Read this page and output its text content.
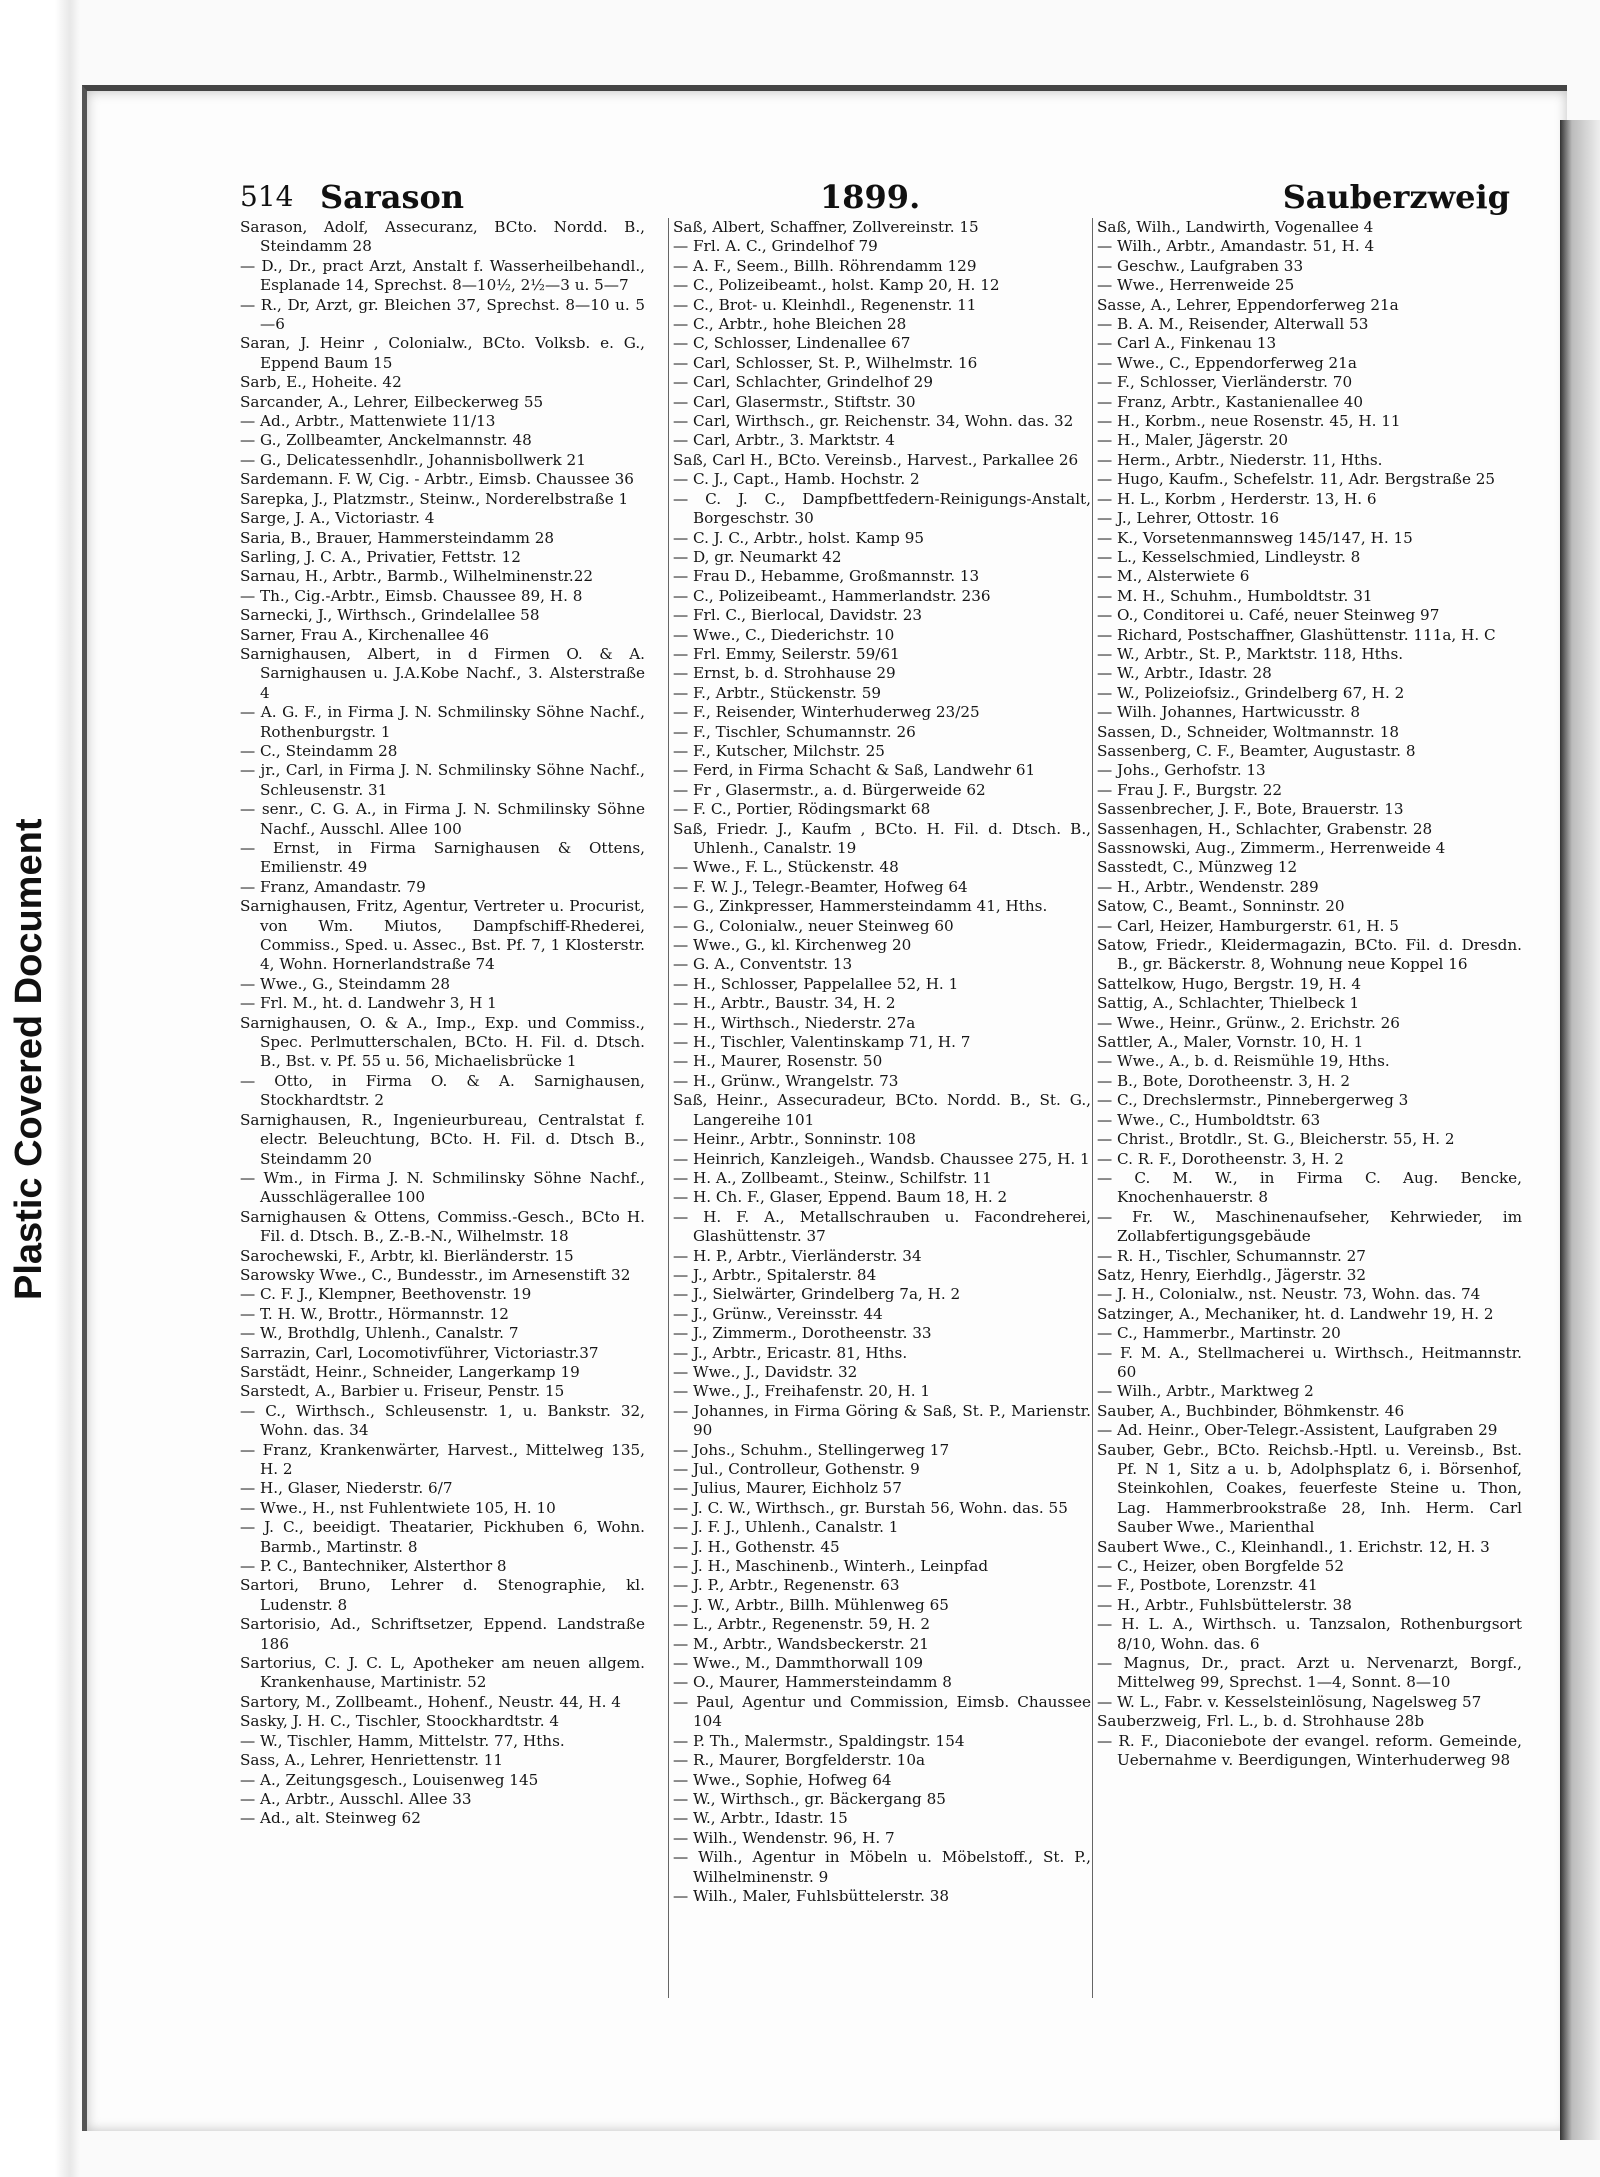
Plastic Covered Document
514 Sarason	1899.	Sauberzweig

Sarason, Adolf, Assecuranz, BCto. Nordd. B., Steindamm 28

— D., Dr., pract Arzt, Anstalt f. Wasserheilbehandl., Esplanade 14, Sprechst. 8—10½, 2½—3 u. 5—7

— R., Dr, Arzt, gr. Bleichen 37, Sprechst. 8—10 u. 5—6

Saran, J. Heinr , Colonialw., BCto. Volksb. e. G., Eppend Baum 15

Sarb, E., Hoheite. 42

Sarcander, A., Lehrer, Eilbeckerweg 55

— Ad., Arbtr., Mattenwiete 11/13

— G., Zollbeamter, Anckelmannstr. 48

— G., Delicatessenhdlr., Johannisbollwerk 21

Sardemann. F. W, Cig. - Arbtr., Eimsb. Chaussee 36

Sarepka, J., Platzmstr., Steinw., Norderelbstraße 1

Sarge, J. A., Victoriastr. 4

Saria, B., Brauer, Hammersteindamm 28

Sarling, J. C. A., Privatier, Fettstr. 12

Sarnau, H., Arbtr., Barmb., Wilhelminenstr.22

— Th., Cig.-Arbtr., Eimsb. Chaussee 89, H. 8

Sarnecki, J., Wirthsch., Grindelallee 58

Sarner, Frau A., Kirchenallee 46

Sarnighausen, Albert, in d Firmen O. & A. Sarnighausen u. J.A.Kobe Nachf., 3. Alsterstraße 4

— A. G. F., in Firma J. N. Schmilinsky Söhne Nachf., Rothenburgstr. 1

— C., Steindamm 28

— jr., Carl, in Firma J. N. Schmilinsky Söhne Nachf., Schleusenstr. 31

— senr., C. G. A., in Firma J. N. Schmilinsky Söhne Nachf., Ausschl. Allee 100

— Ernst, in Firma Sarnighausen & Ottens, Emilienstr. 49

— Franz, Amandastr. 79

Sarnighausen, Fritz, Agentur, Vertreter u. Procurist, von Wm. Miutos, Dampfschiff-Rhederei, Commiss., Sped. u. Assec., Bst. Pf. 7, 1 Klosterstr. 4, Wohn. Hornerlandstraße 74

— Wwe., G., Steindamm 28

— Frl. M., ht. d. Landwehr 3, H 1

Sarnighausen, O. & A., Imp., Exp. und Commiss., Spec. Perlmutterschalen, BCto. H. Fil. d. Dtsch. B., Bst. v. Pf. 55 u. 56, Michaelisbrücke 1

— Otto, in Firma O. & A. Sarnighausen, Stockhardtstr. 2

Sarnighausen, R., Ingenieurbureau, Centralstat f. electr. Beleuchtung, BCto. H. Fil. d. Dtsch B., Steindamm 20

— Wm., in Firma J. N. Schmilinsky Söhne Nachf., Ausschlägerallee 100

Sarnighausen & Ottens, Commiss.-Gesch., BCto H. Fil. d. Dtsch. B., Z.-B.-N., Wilhelmstr. 18

Sarochewski, F., Arbtr, kl. Bierländerstr. 15

Sarowsky Wwe., C., Bundesstr., im Arnesenstift 32

— C. F. J., Klempner, Beethovenstr. 19

— T. H. W., Brottr., Hörmannstr. 12

— W., Brothdlg, Uhlenh., Canalstr. 7

Sarrazin, Carl, Locomotivführer, Victoriastr.37

Sarstädt, Heinr., Schneider, Langerkamp 19

Sarstedt, A., Barbier u. Friseur, Penstr. 15

— C., Wirthsch., Schleusenstr. 1, u. Bankstr. 32, Wohn. das. 34

— Franz, Krankenwärter, Harvest., Mittelweg 135, H. 2

— H., Glaser, Niederstr. 6/7

— Wwe., H., nst Fuhlentwiete 105, H. 10

— J. C., beeidigt. Theatarier, Pickhuben 6, Wohn. Barmb., Martinstr. 8

— P. C., Bantechniker, Alsterthor 8

Sartori, Bruno, Lehrer d. Stenographie, kl. Ludenstr. 8

Sartorisio, Ad., Schriftsetzer, Eppend. Landstraße 186

Sartorius, C. J. C. L, Apotheker am neuen allgem. Krankenhause, Martinistr. 52

Sartory, M., Zollbeamt., Hohenf., Neustr. 44, H. 4

Sasky, J. H. C., Tischler, Stoockhardtstr. 4

— W., Tischler, Hamm, Mittelstr. 77, Hths.

Sass, A., Lehrer, Henriettenstr. 11

— A., Zeitungsgesch., Louisenweg 145

— A., Arbtr., Ausschl. Allee 33

— Ad., alt. Steinweg 62

Saß, Albert, Schaffner, Zollvereinstr. 15

— Frl. A. C., Grindelhof 79

— A. F., Seem., Billh. Röhrendamm 129

— C., Polizeibeamt., holst. Kamp 20, H. 12

— C., Brot- u. Kleinhdl., Regenenstr. 11

— C., Arbtr., hohe Bleichen 28

— C, Schlosser, Lindenallee 67

— Carl, Schlosser, St. P., Wilhelmstr. 16

— Carl, Schlachter, Grindelhof 29

— Carl, Glasermstr., Stiftstr. 30

— Carl, Wirthsch., gr. Reichenstr. 34, Wohn. das. 32

— Carl, Arbtr., 3. Marktstr. 4

Saß, Carl H., BCto. Vereinsb., Harvest., Parkallee 26

— C. J., Capt., Hamb. Hochstr. 2

— C. J. C., Dampfbettfedern-Reinigungs-Anstalt, Borgeschstr. 30

— C. J. C., Arbtr., holst. Kamp 95

— D, gr. Neumarkt 42

— Frau D., Hebamme, Großmannstr. 13

— C., Polizeibeamt., Hammerlandstr. 236

— Frl. C., Bierlocal, Davidstr. 23

— Wwe., C., Diederichstr. 10

— Frl. Emmy, Seilerstr. 59/61

— Ernst, b. d. Strohhause 29

— F., Arbtr., Stückenstr. 59

— F., Reisender, Winterhuderweg 23/25

— F., Tischler, Schumannstr. 26

— F., Kutscher, Milchstr. 25

— Ferd, in Firma Schacht & Saß, Landwehr 61

— Fr , Glasermstr., a. d. Bürgerweide 62

— F. C., Portier, Rödingsmarkt 68

Saß, Friedr. J., Kaufm , BCto. H. Fil. d. Dtsch. B., Uhlenh., Canalstr. 19

— Wwe., F. L., Stückenstr. 48

— F. W. J., Telegr.-Beamter, Hofweg 64

— G., Zinkpresser, Hammersteindamm 41, Hths.

— G., Colonialw., neuer Steinweg 60

— Wwe., G., kl. Kirchenweg 20

— G. A., Conventstr. 13

— H., Schlosser, Pappelallee 52, H. 1

— H., Arbtr., Baustr. 34, H. 2

— H., Wirthsch., Niederstr. 27a

— H., Tischler, Valentinskamp 71, H. 7

— H., Maurer, Rosenstr. 50

— H., Grünw., Wrangelstr. 73

Saß, Heinr., Assecuradeur, BCto. Nordd. B., St. G., Langereihe 101

— Heinr., Arbtr., Sonninstr. 108

— Heinrich, Kanzleigeh., Wandsb. Chaussee 275, H. 1

— H. A., Zollbeamt., Steinw., Schilfstr. 11

— H. Ch. F., Glaser, Eppend. Baum 18, H. 2

— H. F. A., Metallschrauben u. Facondreherei, Glashüttenstr. 37

— H. P., Arbtr., Vierländerstr. 34

— J., Arbtr., Spitalerstr. 84

— J., Sielwärter, Grindelberg 7a, H. 2

— J., Grünw., Vereinsstr. 44

— J., Zimmerm., Dorotheenstr. 33

— J., Arbtr., Ericastr. 81, Hths.

— Wwe., J., Davidstr. 32

— Wwe., J., Freihafenstr. 20, H. 1

— Johannes, in Firma Göring & Saß, St. P., Marienstr. 90

— Johs., Schuhm., Stellingerweg 17

— Jul., Controlleur, Gothenstr. 9

— Julius, Maurer, Eichholz 57

— J. C. W., Wirthsch., gr. Burstah 56, Wohn. das. 55

— J. F. J., Uhlenh., Canalstr. 1

— J. H., Gothenstr. 45

— J. H., Maschinenb., Winterh., Leinpfad

— J. P., Arbtr., Regenenstr. 63

— J. W., Arbtr., Billh. Mühlenweg 65

— L., Arbtr., Regenenstr. 59, H. 2

— M., Arbtr., Wandsbeckerstr. 21

— Wwe., M., Dammthorwall 109

— O., Maurer, Hammersteindamm 8

— Paul, Agentur und Commission, Eimsb. Chaussee 104

— P. Th., Malermstr., Spaldingstr. 154

— R., Maurer, Borgfelderstr. 10a

— Wwe., Sophie, Hofweg 64

— W., Wirthsch., gr. Bäckergang 85

— W., Arbtr., Idastr. 15

— Wilh., Wendenstr. 96, H. 7

— Wilh., Agentur in Möbeln u. Möbelstoff., St. P., Wilhelminenstr. 9

— Wilh., Maler, Fuhlsbüttelerstr. 38

Saß, Wilh., Landwirth, Vogenallee 4

— Wilh., Arbtr., Amandastr. 51, H. 4

— Geschw., Laufgraben 33

— Wwe., Herrenweide 25

Sasse, A., Lehrer, Eppendorferweg 21a

— B. A. M., Reisender, Alterwall 53

— Carl A., Finkenau 13

— Wwe., C., Eppendorferweg 21a

— F., Schlosser, Vierländerstr. 70

— Franz, Arbtr., Kastanienallee 40

— H., Korbm., neue Rosenstr. 45, H. 11

— H., Maler, Jägerstr. 20

— Herm., Arbtr., Niederstr. 11, Hths.

— Hugo, Kaufm., Schefelstr. 11, Adr. Bergstraße 25

— H. L., Korbm , Herderstr. 13, H. 6

— J., Lehrer, Ottostr. 16

— K., Vorsetenmannsweg 145/147, H. 15

— L., Kesselschmied, Lindleystr. 8

— M., Alsterwiete 6

— M. H., Schuhm., Humboldtstr. 31

— O., Conditorei u. Café, neuer Steinweg 97

— Richard, Postschaffner, Glashüttenstr. 111a, H. C

— W., Arbtr., St. P., Marktstr. 118, Hths.

— W., Arbtr., Idastr. 28

— W., Polizeiofsiz., Grindelberg 67, H. 2

— Wilh. Johannes, Hartwicusstr. 8

Sassen, D., Schneider, Woltmannstr. 18

Sassenberg, C. F., Beamter, Augustastr. 8

— Johs., Gerhofstr. 13

— Frau J. F., Burgstr. 22

Sassenbrecher, J. F., Bote, Brauerstr. 13

Sassenhagen, H., Schlachter, Grabenstr. 28

Sassnowski, Aug., Zimmerm., Herrenweide 4

Sasstedt, C., Münzweg 12

— H., Arbtr., Wendenstr. 289

Satow, C., Beamt., Sonninstr. 20

— Carl, Heizer, Hamburgerstr. 61, H. 5

Satow, Friedr., Kleidermagazin, BCto. Fil. d. Dresdn. B., gr. Bäckerstr. 8, Wohnung neue Koppel 16

Sattelkow, Hugo, Bergstr. 19, H. 4

Sattig, A., Schlachter, Thielbeck 1

— Wwe., Heinr., Grünw., 2. Erichstr. 26

Sattler, A., Maler, Vornstr. 10, H. 1

— Wwe., A., b. d. Reismühle 19, Hths.

— B., Bote, Dorotheenstr. 3, H. 2

— C., Drechslermstr., Pinnebergerweg 3

— Wwe., C., Humboldtstr. 63

— Christ., Brotdlr., St. G., Bleicherstr. 55, H. 2

— C. R. F., Dorotheenstr. 3, H. 2

— C. M. W., in Firma C. Aug. Bencke, Knochenhauerstr. 8

— Fr. W., Maschinenaufseher, Kehrwieder, im Zollabfertigungsgebäude

— R. H., Tischler, Schumannstr. 27

Satz, Henry, Eierhdlg., Jägerstr. 32

— J. H., Colonialw., nst. Neustr. 73, Wohn. das. 74

Satzinger, A., Mechaniker, ht. d. Landwehr 19, H. 2

— C., Hammerbr., Martinstr. 20

— F. M. A., Stellmacherei u. Wirthsch., Heitmannstr. 60

— Wilh., Arbtr., Marktweg 2

Sauber, A., Buchbinder, Böhmkenstr. 46

— Ad. Heinr., Ober-Telegr.-Assistent, Laufgraben 29

Sauber, Gebr., BCto. Reichsb.-Hptl. u. Vereinsb., Bst. Pf. N 1, Sitz a u. b, Adolphsplatz 6, i. Börsenhof, Steinkohlen, Coakes, feuerfeste Steine u. Thon, Lag. Hammerbrookstraße 28, Inh. Herm. Carl Sauber Wwe., Marienthal

Saubert Wwe., C., Kleinhandl., 1. Erichstr. 12, H. 3

— C., Heizer, oben Borgfelde 52

— F., Postbote, Lorenzstr. 41

— H., Arbtr., Fuhlsbüttelerstr. 38

— H. L. A., Wirthsch. u. Tanzsalon, Rothenburgsort 8/10, Wohn. das. 6

— Magnus, Dr., pract. Arzt u. Nervenarzt, Borgf., Mittelweg 99, Sprechst. 1—4, Sonnt. 8—10

— W. L., Fabr. v. Kesselsteinlösung, Nagelsweg 57

Sauberzweig, Frl. L., b. d. Strohhause 28b

— R. F., Diaconiebote der evangel. reform. Gemeinde, Uebernahme v. Beerdigungen, Winterhuderweg 98
